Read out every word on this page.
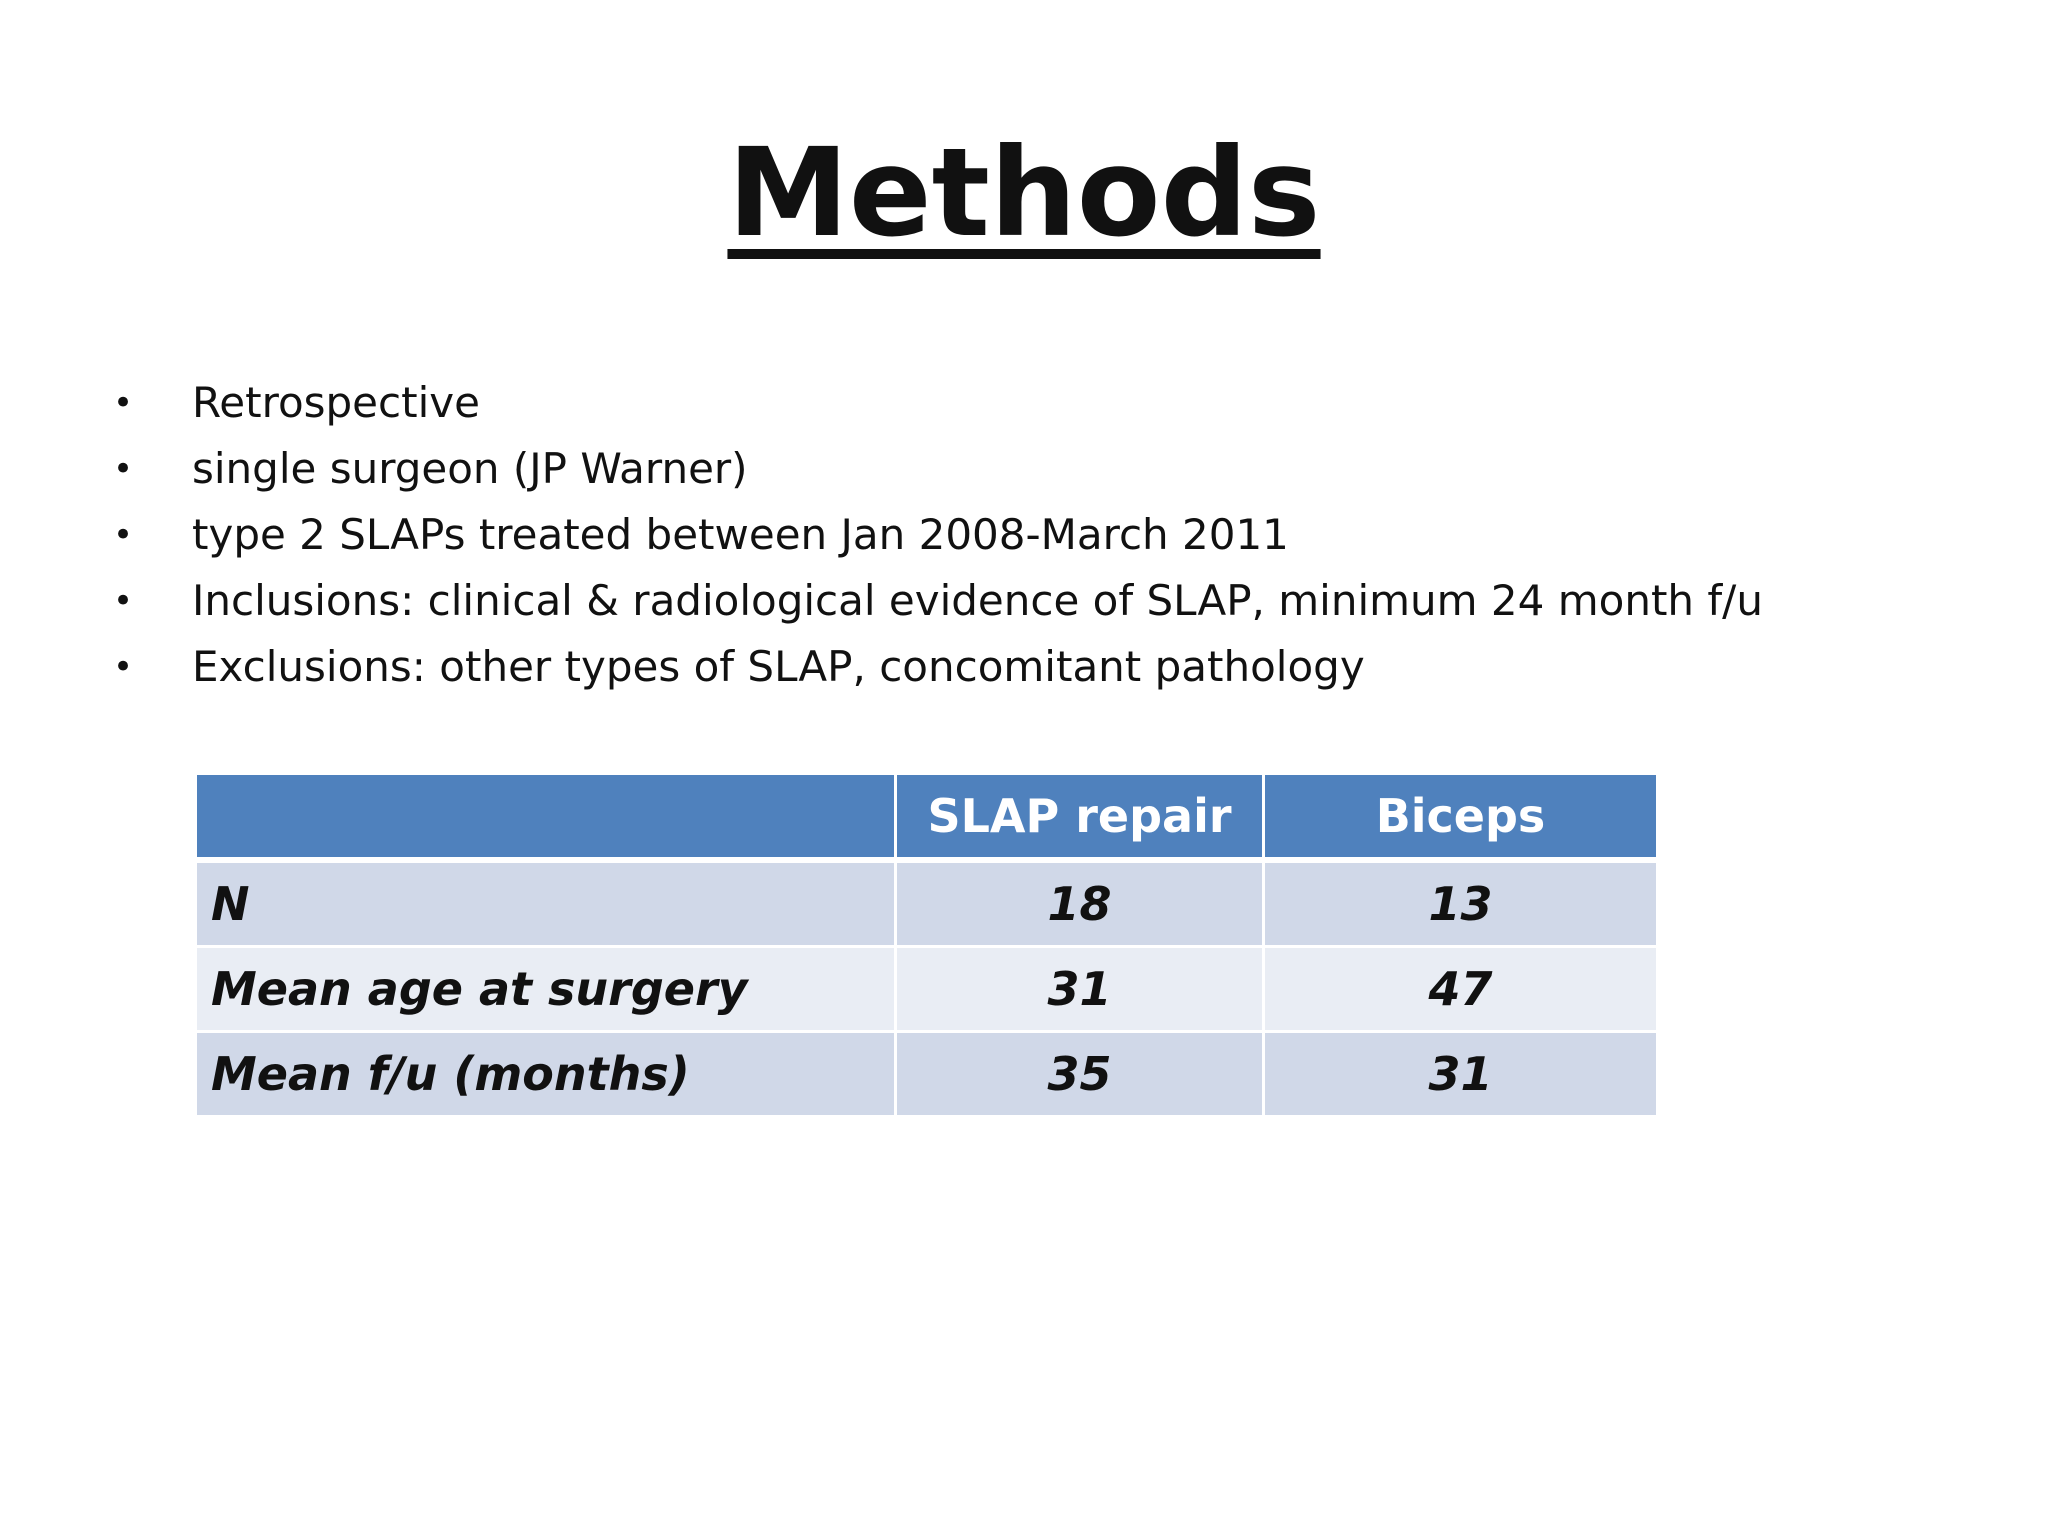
Methods
• Retrospective
• single surgeon (JP Warner)
• type 2 SLAPs treated between Jan 2008-March 2011
• Inclusions: clinical & radiological evidence of SLAP, minimum 24 month f/u
• Exclusions: other types of SLAP, concomitant pathology
	SLAP repair	Biceps
N	18	13
Mean age at surgery	31	47
Mean f/u (months)	35	31
